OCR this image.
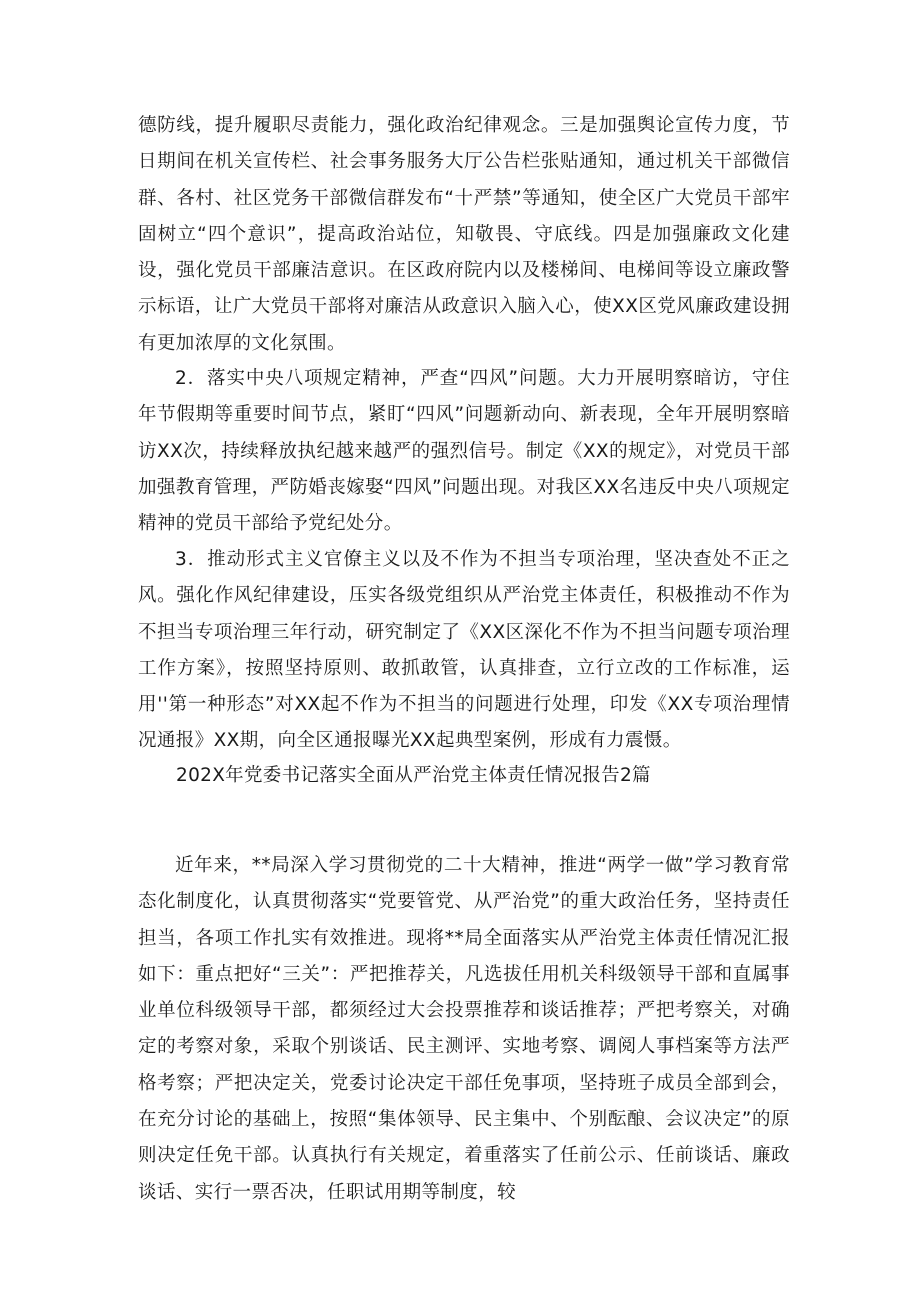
德防线，提升履职尽责能力，强化政治纪律观念。三是加强舆论宣传力度，节日期间在机关宣传栏、社会事务服务大厅公告栏张贴通知，通过机关干部微信群、各村、社区党务干部微信群发布“十严禁”等通知，使全区广大党员干部牢固树立“四个意识”，提高政治站位，知敬畏、守底线。四是加强廉政文化建设，强化党员干部廉洁意识。在区政府院内以及楼梯间、电梯间等设立廉政警示标语，让广大党员干部将对廉洁从政意识入脑入心，使XX区党风廉政建设拥有更加浓厚的文化氛围。

2．落实中央八项规定精神，严查“四风”问题。大力开展明察暗访，守住年节假期等重要时间节点，紧盯“四风”问题新动向、新表现，全年开展明察暗访XX次，持续释放执纪越来越严的强烈信号。制定《XX的规定》，对党员干部加强教育管理，严防婚丧嫁娶“四风”问题出现。对我区XX名违反中央八项规定精神的党员干部给予党纪处分。

3．推动形式主义官僚主义以及不作为不担当专项治理，坚决查处不正之风。强化作风纪律建设，压实各级党组织从严治党主体责任，积极推动不作为不担当专项治理三年行动，研究制定了《XX区深化不作为不担当问题专项治理工作方案》，按照坚持原则、敢抓敢管，认真排查，立行立改的工作标准，运用''第一种形态”对XX起不作为不担当的问题进行处理，印发《XX专项治理情况通报》XX期，向全区通报曝光XX起典型案例，形成有力震慑。

202X年党委书记落实全面从严治党主体责任情况报告2篇

近年来，**局深入学习贯彻党的二十大精神，推进“两学一做”学习教育常态化制度化，认真贯彻落实“党要管党、从严治党”的重大政治任务，坚持责任担当，各项工作扎实有效推进。现将**局全面落实从严治党主体责任情况汇报如下：重点把好“三关”：严把推荐关，凡选拔任用机关科级领导干部和直属事业单位科级领导干部，都须经过大会投票推荐和谈话推荐；严把考察关，对确定的考察对象，采取个别谈话、民主测评、实地考察、调阅人事档案等方法严格考察；严把决定关，党委讨论决定干部任免事项，坚持班子成员全部到会，在充分讨论的基础上，按照“集体领导、民主集中、个别酝酿、会议决定”的原则决定任免干部。认真执行有关规定，着重落实了任前公示、任前谈话、廉政谈话、实行一票否决，任职试用期等制度，较
